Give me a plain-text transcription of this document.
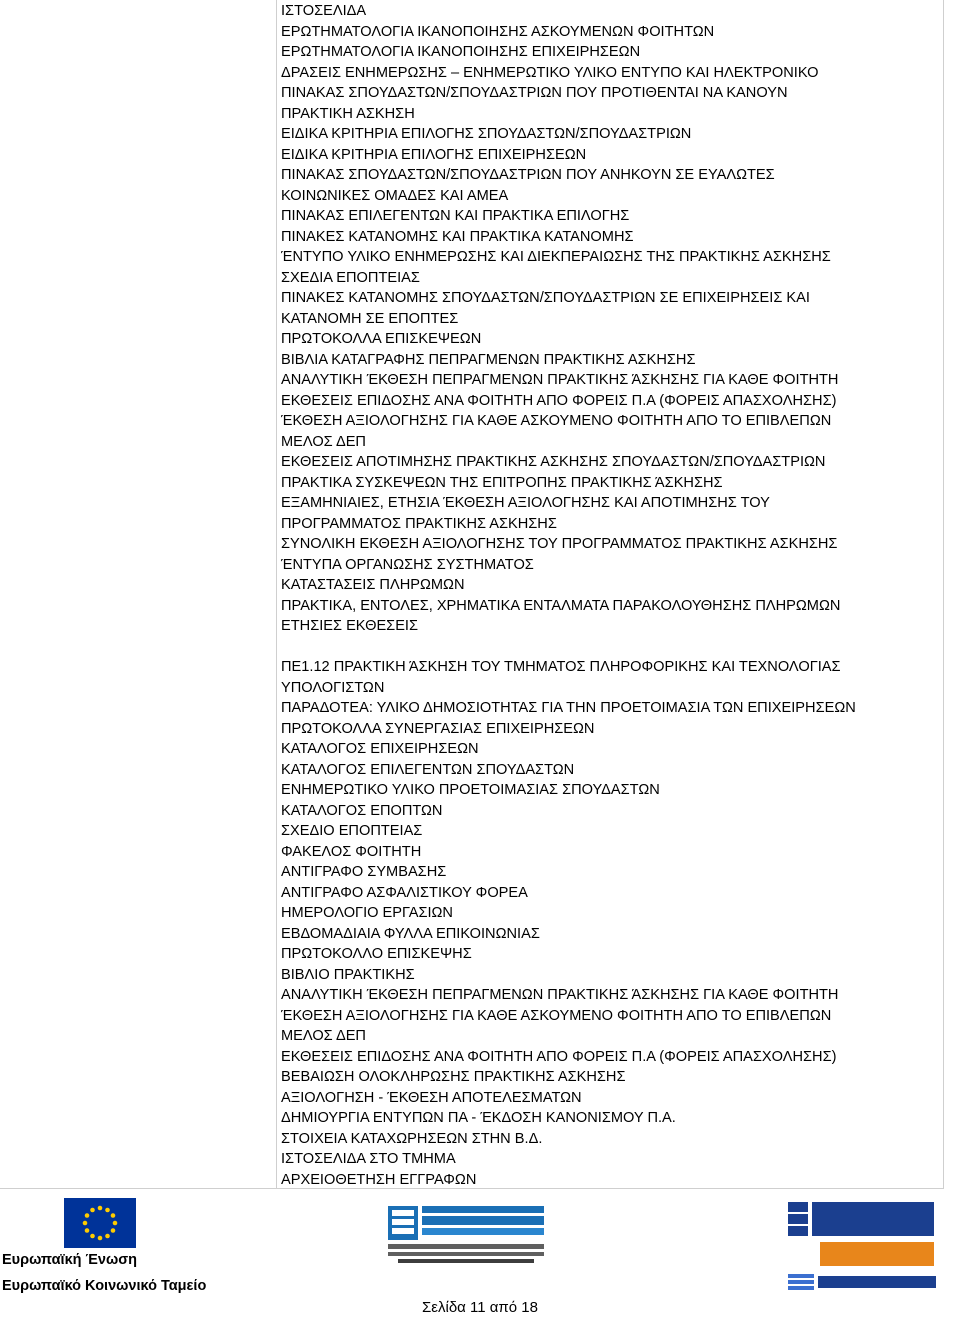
ΙΣΤΟΣΕΛΙΔΑ
ΕΡΩΤΗΜΑΤΟΛΟΓΙΑ ΙΚΑΝΟΠΟΙΗΣΗΣ ΑΣΚΟΥΜΕΝΩΝ ΦΟΙΤΗΤΩΝ
ΕΡΩΤΗΜΑΤΟΛΟΓΙΑ ΙΚΑΝΟΠΟΙΗΣΗΣ ΕΠΙΧΕΙΡΗΣΕΩΝ
ΔΡΑΣΕΙΣ ΕΝΗΜΕΡΩΣΗΣ – ΕΝΗΜΕΡΩΤΙΚΟ ΥΛΙΚΟ ΕΝΤΥΠΟ ΚΑΙ ΗΛΕΚΤΡΟΝΙΚΟ
ΠΙΝΑΚΑΣ ΣΠΟΥΔΑΣΤΩΝ/ΣΠΟΥΔΑΣΤΡΙΩΝ ΠΟΥ ΠΡΟΤΙΘΕΝΤΑΙ ΝΑ ΚΑΝΟΥΝ
ΠΡΑΚΤΙΚΗ ΑΣΚΗΣΗ
ΕΙΔΙΚΑ ΚΡΙΤΗΡΙΑ ΕΠΙΛΟΓΗΣ ΣΠΟΥΔΑΣΤΩΝ/ΣΠΟΥΔΑΣΤΡΙΩΝ
ΕΙΔΙΚΑ ΚΡΙΤΗΡΙΑ ΕΠΙΛΟΓΗΣ ΕΠΙΧΕΙΡΗΣΕΩΝ
ΠΙΝΑΚΑΣ ΣΠΟΥΔΑΣΤΩΝ/ΣΠΟΥΔΑΣΤΡΙΩΝ ΠΟΥ ΑΝΗΚΟΥΝ ΣΕ ΕΥΑΛΩΤΕΣ
ΚΟΙΝΩΝΙΚΕΣ ΟΜΑΔΕΣ ΚΑΙ ΑΜΕΑ
ΠΙΝΑΚΑΣ ΕΠΙΛΕΓΕΝΤΩΝ ΚΑΙ ΠΡΑΚΤΙΚΑ ΕΠΙΛΟΓΗΣ
ΠΙΝΑΚΕΣ ΚΑΤΑΝΟΜΗΣ ΚΑΙ ΠΡΑΚΤΙΚΑ ΚΑΤΑΝΟΜΗΣ
ΈΝΤΥΠΟ ΥΛΙΚΟ ΕΝΗΜΕΡΩΣΗΣ ΚΑΙ ΔΙΕΚΠΕΡΑΙΩΣΗΣ ΤΗΣ ΠΡΑΚΤΙΚΗΣ ΑΣΚΗΣΗΣ
ΣΧΕΔΙΑ ΕΠΟΠΤΕΙΑΣ
ΠΙΝΑΚΕΣ ΚΑΤΑΝΟΜΗΣ ΣΠΟΥΔΑΣΤΩΝ/ΣΠΟΥΔΑΣΤΡΙΩΝ ΣΕ ΕΠΙΧΕΙΡΗΣΕΙΣ ΚΑΙ
ΚΑΤΑΝΟΜΗ ΣΕ ΕΠΟΠΤΕΣ
ΠΡΩΤΟΚΟΛΛΑ ΕΠΙΣΚΕΨΕΩΝ
ΒΙΒΛΙΑ ΚΑΤΑΓΡΑΦΗΣ ΠΕΠΡΑΓΜΕΝΩΝ ΠΡΑΚΤΙΚΗΣ ΑΣΚΗΣΗΣ
ΑΝΑΛΥΤΙΚΗ ΈΚΘΕΣΗ ΠΕΠΡΑΓΜΕΝΩΝ ΠΡΑΚΤΙΚΗΣ ΆΣΚΗΣΗΣ ΓΙΑ ΚΑΘΕ ΦΟΙΤΗΤΗ
ΕΚΘΕΣΕΙΣ ΕΠΙΔΟΣΗΣ ΑΝΑ ΦΟΙΤΗΤΗ ΑΠΟ ΦΟΡΕΙΣ Π.Α (ΦΟΡΕΙΣ ΑΠΑΣΧΟΛΗΣΗΣ)
ΈΚΘΕΣΗ ΑΞΙΟΛΟΓΗΣΗΣ ΓΙΑ ΚΑΘΕ ΑΣΚΟΥΜΕΝΟ ΦΟΙΤΗΤΗ ΑΠΟ ΤΟ ΕΠΙΒΛΕΠΩΝ
ΜΕΛΟΣ ΔΕΠ
ΕΚΘΕΣΕΙΣ ΑΠΟΤΙΜΗΣΗΣ ΠΡΑΚΤΙΚΗΣ ΑΣΚΗΣΗΣ ΣΠΟΥΔΑΣΤΩΝ/ΣΠΟΥΔΑΣΤΡΙΩΝ
ΠΡΑΚΤΙΚΑ ΣΥΣΚΕΨΕΩΝ ΤΗΣ ΕΠΙΤΡΟΠΗΣ ΠΡΑΚΤΙΚΗΣ ΆΣΚΗΣΗΣ
ΕΞΑΜΗΝΙΑΙΕΣ, ΕΤΗΣΙΑ ΈΚΘΕΣΗ ΑΞΙΟΛΟΓΗΣΗΣ ΚΑΙ ΑΠΟΤΙΜΗΣΗΣ ΤΟΥ
ΠΡΟΓΡΑΜΜΑΤΟΣ ΠΡΑΚΤΙΚΗΣ ΑΣΚΗΣΗΣ
ΣΥΝΟΛΙΚΗ ΕΚΘΕΣΗ ΑΞΙΟΛΟΓΗΣΗΣ ΤΟΥ ΠΡΟΓΡΑΜΜΑΤΟΣ ΠΡΑΚΤΙΚΗΣ ΑΣΚΗΣΗΣ
ΈΝΤΥΠΑ ΟΡΓΑΝΩΣΗΣ ΣΥΣΤΗΜΑΤΟΣ
ΚΑΤΑΣΤΑΣΕΙΣ ΠΛΗΡΩΜΩΝ
ΠΡΑΚΤΙΚΑ, ΕΝΤΟΛΕΣ, ΧΡΗΜΑΤΙΚΑ ΕΝΤΑΛΜΑΤΑ ΠΑΡΑΚΟΛΟΥΘΗΣΗΣ ΠΛΗΡΩΜΩΝ
ΕΤΗΣΙΕΣ ΕΚΘΕΣΕΙΣ
ΠΕ1.12 ΠΡΑΚΤΙΚΗ ΆΣΚΗΣΗ ΤΟΥ ΤΜΗΜΑΤΟΣ ΠΛΗΡΟΦΟΡΙΚΗΣ ΚΑΙ ΤΕΧΝΟΛΟΓΙΑΣ
ΥΠΟΛΟΓΙΣΤΩΝ
ΠΑΡΑΔΟΤΕΑ: ΥΛΙΚΟ ΔΗΜΟΣΙΟΤΗΤΑΣ ΓΙΑ ΤΗΝ ΠΡΟΕΤΟΙΜΑΣΙΑ ΤΩΝ ΕΠΙΧΕΙΡΗΣΕΩΝ
ΠΡΩΤΟΚΟΛΛΑ ΣΥΝΕΡΓΑΣΙΑΣ ΕΠΙΧΕΙΡΗΣΕΩΝ
ΚΑΤΑΛΟΓΟΣ ΕΠΙΧΕΙΡΗΣΕΩΝ
ΚΑΤΑΛΟΓΟΣ ΕΠΙΛΕΓΕΝΤΩΝ ΣΠΟΥΔΑΣΤΩΝ
ΕΝΗΜΕΡΩΤΙΚΟ ΥΛΙΚΟ ΠΡΟΕΤΟΙΜΑΣΙΑΣ ΣΠΟΥΔΑΣΤΩΝ
ΚΑΤΑΛΟΓΟΣ ΕΠΟΠΤΩΝ
ΣΧΕΔΙΟ ΕΠΟΠΤΕΙΑΣ
ΦΑΚΕΛΟΣ ΦΟΙΤΗΤΗ
ΑΝΤΙΓΡΑΦΟ ΣΥΜΒΑΣΗΣ
ΑΝΤΙΓΡΑΦΟ ΑΣΦΑΛΙΣΤΙΚΟΥ ΦΟΡΕΑ
ΗΜΕΡΟΛΟΓΙΟ ΕΡΓΑΣΙΩΝ
ΕΒΔΟΜΑΔΙΑΙΑ ΦΥΛΛΑ ΕΠΙΚΟΙΝΩΝΙΑΣ
ΠΡΩΤΟΚΟΛΛΟ ΕΠΙΣΚΕΨΗΣ
ΒΙΒΛΙΟ ΠΡΑΚΤΙΚΗΣ
ΑΝΑΛΥΤΙΚΗ ΈΚΘΕΣΗ ΠΕΠΡΑΓΜΕΝΩΝ ΠΡΑΚΤΙΚΗΣ ΆΣΚΗΣΗΣ ΓΙΑ ΚΑΘΕ ΦΟΙΤΗΤΗ
ΈΚΘΕΣΗ ΑΞΙΟΛΟΓΗΣΗΣ ΓΙΑ ΚΑΘΕ ΑΣΚΟΥΜΕΝΟ ΦΟΙΤΗΤΗ ΑΠΟ ΤΟ ΕΠΙΒΛΕΠΩΝ
ΜΕΛΟΣ ΔΕΠ
ΕΚΘΕΣΕΙΣ ΕΠΙΔΟΣΗΣ ΑΝΑ ΦΟΙΤΗΤΗ ΑΠΟ ΦΟΡΕΙΣ Π.Α (ΦΟΡΕΙΣ ΑΠΑΣΧΟΛΗΣΗΣ)
ΒΕΒΑΙΩΣΗ ΟΛΟΚΛΗΡΩΣΗΣ ΠΡΑΚΤΙΚΗΣ ΑΣΚΗΣΗΣ
ΑΞΙΟΛΟΓΗΣΗ - ΈΚΘΕΣΗ ΑΠΟΤΕΛΕΣΜΑΤΩΝ
ΔΗΜΙΟΥΡΓΙΑ ΕΝΤΥΠΩΝ ΠΑ - ΈΚΔΟΣΗ ΚΑΝΟΝΙΣΜΟΥ Π.Α.
ΣΤΟΙΧΕΙΑ ΚΑΤΑΧΩΡΗΣΕΩΝ ΣΤΗΝ Β.Δ.
ΙΣΤΟΣΕΛΙΔΑ ΣΤΟ ΤΜΗΜΑ
ΑΡΧΕΙΟΘΕΤΗΣΗ ΕΓΓΡΑΦΩΝ
Ευρωπαϊκή Ένωση
Ευρωπαϊκό Κοινωνικό Ταμείο
Σελίδα 11 από 18
